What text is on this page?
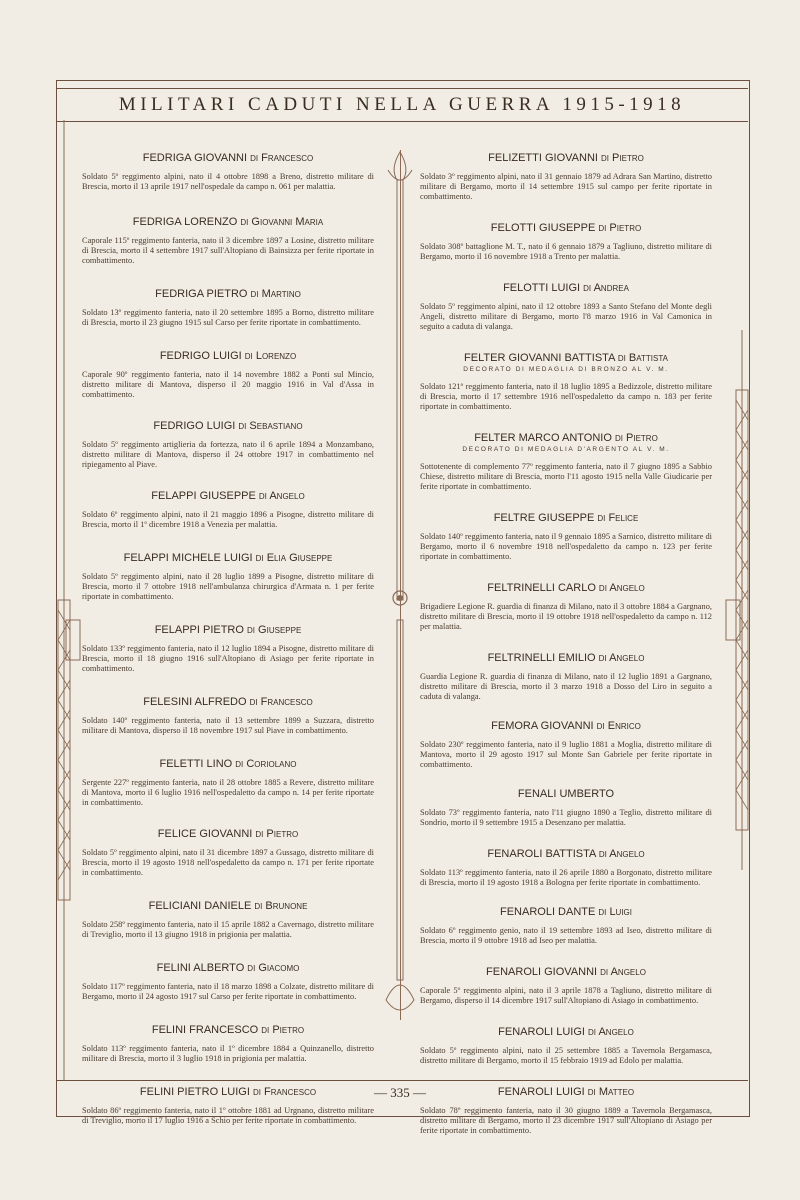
MILITARI CADUTI NELLA GUERRA 1915-1918
FEDRIGA GIOVANNI di Francesco
Soldato 5º reggimento alpini, nato il 4 ottobre 1898 a Breno, distretto militare di Brescia, morto il 13 aprile 1917 nell'ospedale da campo n. 061 per malattia.
FEDRIGA LORENZO di Giovanni Maria
Caporale 115º reggimento fanteria, nato il 3 dicembre 1897 a Losine, distretto militare di Brescia, morto il 4 settembre 1917 sull'Altopiano di Bainsizza per ferite riportate in combattimento.
FEDRIGA PIETRO di Martino
Soldato 13º reggimento fanteria, nato il 20 settembre 1895 a Borno, distretto militare di Brescia, morto il 23 giugno 1915 sul Carso per ferite riportate in combattimento.
FEDRIGO LUIGI di Lorenzo
Caporale 90º reggimento fanteria, nato il 14 novembre 1882 a Ponti sul Mincio, distretto militare di Mantova, disperso il 20 maggio 1916 in Val d'Assa in combattimento.
FEDRIGO LUIGI di Sebastiano
Soldato 5º reggimento artiglieria da fortezza, nato il 6 aprile 1894 a Monzambano, distretto militare di Mantova, disperso il 24 ottobre 1917 in combattimento nel ripiegamento al Piave.
FELAPPI GIUSEPPE di Angelo
Soldato 6º reggimento alpini, nato il 21 maggio 1896 a Pisogne, distretto militare di Brescia, morto il 1º dicembre 1918 a Venezia per malattia.
FELAPPI MICHELE LUIGI di Elia Giuseppe
Soldato 5º reggimento alpini, nato il 28 luglio 1899 a Pisogne, distretto militare di Brescia, morto il 7 ottobre 1918 nell'ambulanza chirurgica d'Armata n. 1 per ferite riportate in combattimento.
FELAPPI PIETRO di Giuseppe
Soldato 133º reggimento fanteria, nato il 12 luglio 1894 a Pisogne, distretto militare di Brescia, morto il 18 giugno 1916 sull'Altopiano di Asiago per ferite riportate in combattimento.
FELESINI ALFREDO di Francesco
Soldato 140º reggimento fanteria, nato il 13 settembre 1899 a Suzzara, distretto militare di Mantova, disperso il 18 novembre 1917 sul Piave in combattimento.
FELETTI LINO di Coriolano
Sergente 227º reggimento fanteria, nato il 28 ottobre 1885 a Revere, distretto militare di Mantova, morto il 6 luglio 1916 nell'ospedaletto da campo n. 14 per ferite riportate in combattimento.
FELICE GIOVANNI di Pietro
Soldato 5º reggimento alpini, nato il 31 dicembre 1897 a Gussago, distretto militare di Brescia, morto il 19 agosto 1918 nell'ospedaletto da campo n. 171 per ferite riportate in combattimento.
FELICIANI DANIELE di Brunone
Soldato 258º reggimento fanteria, nato il 15 aprile 1882 a Cavernago, distretto militare di Treviglio, morto il 13 giugno 1918 in prigionia per malattia.
FELINI ALBERTO di Giacomo
Soldato 117º reggimento fanteria, nato il 18 marzo 1898 a Colzate, distretto militare di Bergamo, morto il 24 agosto 1917 sul Carso per ferite riportate in combattimento.
FELINI FRANCESCO di Pietro
Soldato 113º reggimento fanteria, nato il 1º dicembre 1884 a Quinzanello, distretto militare di Brescia, morto il 3 luglio 1918 in prigionia per malattia.
FELINI PIETRO LUIGI di Francesco
Soldato 86º reggimento fanteria, nato il 1º ottobre 1881 ad Urgnano, distretto militare di Treviglio, morto il 17 luglio 1916 a Schio per ferite riportate in combattimento.
FELIZETTI GIOVANNI di Pietro
Soldato 3º reggimento alpini, nato il 31 gennaio 1879 ad Adrara San Martino, distretto militare di Bergamo, morto il 14 settembre 1915 sul campo per ferite riportate in combattimento.
FELOTTI GIUSEPPE di Pietro
Soldato 308º battaglione M. T., nato il 6 gennaio 1879 a Tagliuno, distretto militare di Bergamo, morto il 16 novembre 1918 a Trento per malattia.
FELOTTI LUIGI di Andrea
Soldato 5º reggimento alpini, nato il 12 ottobre 1893 a Santo Stefano del Monte degli Angeli, distretto militare di Bergamo, morto l'8 marzo 1916 in Val Camonica in seguito a caduta di valanga.
FELTER GIOVANNI BATTISTA di Battista
DECORATO DI MEDAGLIA DI BRONZO AL V. M.
Soldato 121º reggimento fanteria, nato il 18 luglio 1895 a Bedizzole, distretto militare di Brescia, morto il 17 settembre 1916 nell'ospedaletto da campo n. 183 per ferite riportate in combattimento.
FELTER MARCO ANTONIO di Pietro
DECORATO DI MEDAGLIA D'ARGENTO AL V. M.
Sottotenente di complemento 77º reggimento fanteria, nato il 7 giugno 1895 a Sabbio Chiese, distretto militare di Brescia, morto l'11 agosto 1915 nella Valle Giudicarie per ferite riportate in combattimento.
FELTRE GIUSEPPE di Felice
Soldato 140º reggimento fanteria, nato il 9 gennaio 1895 a Sarnico, distretto militare di Bergamo, morto il 6 novembre 1918 nell'ospedaletto da campo n. 123 per ferite riportate in combattimento.
FELTRINELLI CARLO di Angelo
Brigadiere Legione R. guardia di finanza di Milano, nato il 3 ottobre 1884 a Gargnano, distretto militare di Brescia, morto il 19 ottobre 1918 nell'ospedaletto da campo n. 112 per malattia.
FELTRINELLI EMILIO di Angelo
Guardia Legione R. guardia di finanza di Milano, nato il 12 luglio 1891 a Gargnano, distretto militare di Brescia, morto il 3 marzo 1918 a Dosso del Liro in seguito a caduta di valanga.
FEMORA GIOVANNI di Enrico
Soldato 230º reggimento fanteria, nato il 9 luglio 1881 a Moglia, distretto militare di Mantova, morto il 29 agosto 1917 sul Monte San Gabriele per ferite riportate in combattimento.
FENALI UMBERTO
Soldato 73º reggimento fanteria, nato l'11 giugno 1890 a Teglio, distretto militare di Sondrio, morto il 9 settembre 1915 a Desenzano per malattia.
FENAROLI BATTISTA di Angelo
Soldato 113º reggimento fanteria, nato il 26 aprile 1880 a Borgonato, distretto militare di Brescia, morto il 19 agosto 1918 a Bologna per ferite riportate in combattimento.
FENAROLI DANTE di Luigi
Soldato 6º reggimento genio, nato il 19 settembre 1893 ad Iseo, distretto militare di Brescia, morto il 9 ottobre 1918 ad Iseo per malattia.
FENAROLI GIOVANNI di Angelo
Caporale 5º reggimento alpini, nato il 3 aprile 1878 a Tagliuno, distretto militare di Bergamo, disperso il 14 dicembre 1917 sull'Altopiano di Asiago in combattimento.
FENAROLI LUIGI di Angelo
Soldato 5º reggimento alpini, nato il 25 settembre 1885 a Tavernola Bergamasca, distretto militare di Bergamo, morto il 15 febbraio 1919 ad Edolo per malattia.
FENAROLI LUIGI di Matteo
Soldato 78º reggimento fanteria, nato il 30 giugno 1889 a Tavernola Bergamasca, distretto militare di Bergamo, morto il 23 dicembre 1917 sull'Altopiano di Asiago per ferite riportate in combattimento.
— 335 —
